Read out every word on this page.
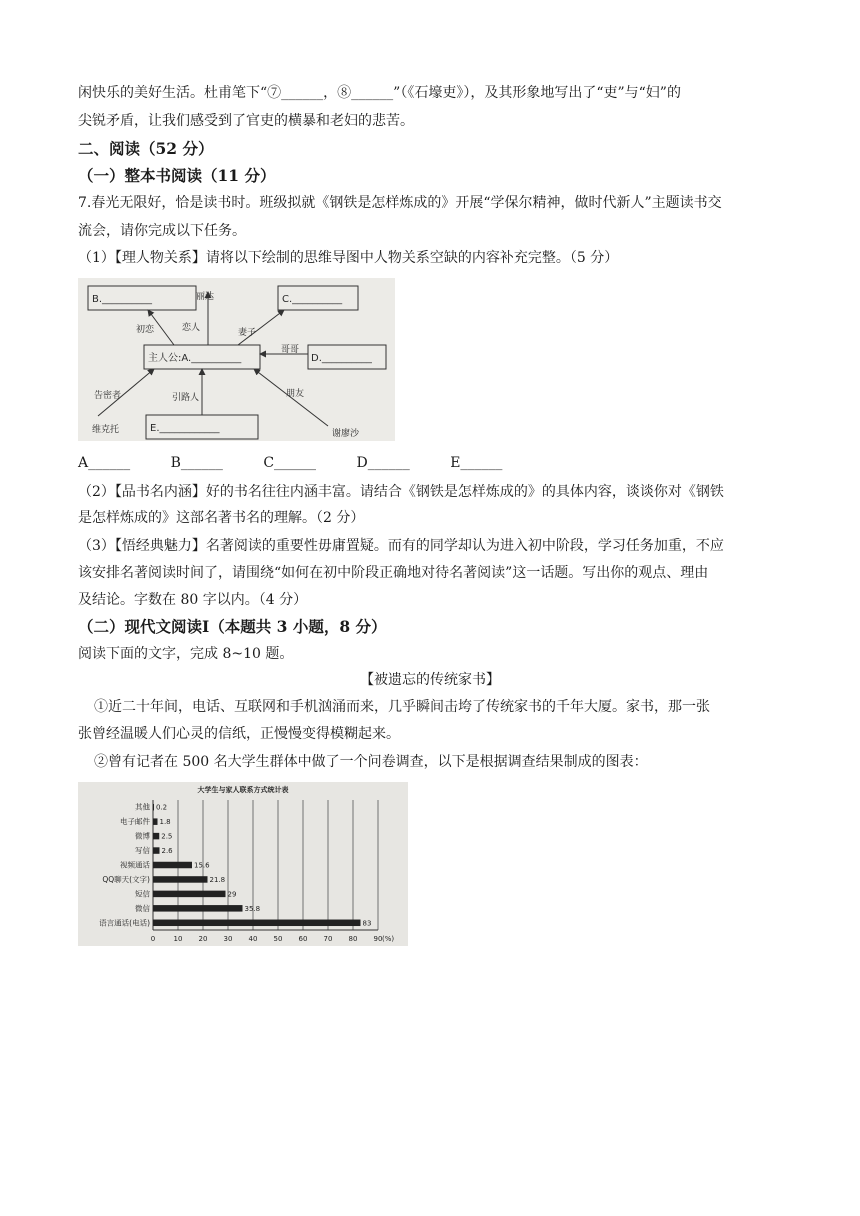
闲快乐的美好生活。杜甫笔下“⑦______，⑧______”（《石壕吏》），及其形象地写出了“吏”与“妇”的
尖锐矛盾，让我们感受到了官吏的横暴和老妇的悲苦。
二、阅读（52 分）
（一）整本书阅读（11 分）
7.春光无限好，恰是读书时。班级拟就《钢铁是怎样炼成的》开展“学保尔精神，做时代新人”主题读书交
流会，请你完成以下任务。
（1）【理人物关系】请将以下绘制的思维导图中人物关系空缺的内容补充完整。（5 分）
B.__________	C.__________
主人公:A.__________	D.__________
E.____________
丽达
初恋	恋人	妻子
哥哥
告密者	引路人	朋友
维克托	谢廖沙
A______	B______	C______	D______	E______
（2）【品书名内涵】好的书名往往内涵丰富。请结合《钢铁是怎样炼成的》的具体内容，谈谈你对《钢铁
是怎样炼成的》这部名著书名的理解。（2 分）
（3）【悟经典魅力】名著阅读的重要性毋庸置疑。而有的同学却认为进入初中阶段，学习任务加重，不应
该安排名著阅读时间了，请围绕“如何在初中阶段正确地对待名著阅读”这一话题。写出你的观点、理由
及结论。字数在 80 字以内。（4 分）
（二）现代文阅读Ⅰ（本题共 3 小题，8 分）
阅读下面的文字，完成 8~10 题。
【被遗忘的传统家书】
①近二十年间，电话、互联网和手机汹涌而来，几乎瞬间击垮了传统家书的千年大厦。家书，那一张
张曾经温暖人们心灵的信纸，正慢慢变得模糊起来。
②曾有记者在 500 名大学生群体中做了一个问卷调查，以下是根据调查结果制成的图表：
大学生与家人联系方式统计表
其他
电子邮件
微博
写信
视频通话
QQ聊天(文字)
短信
微信
语言通话(电话)
0.2
1.8
2.5
2.6
15.6
21.8
29
35.8
83
0	10 20 30 40 50 60 70 80 90 (%)
